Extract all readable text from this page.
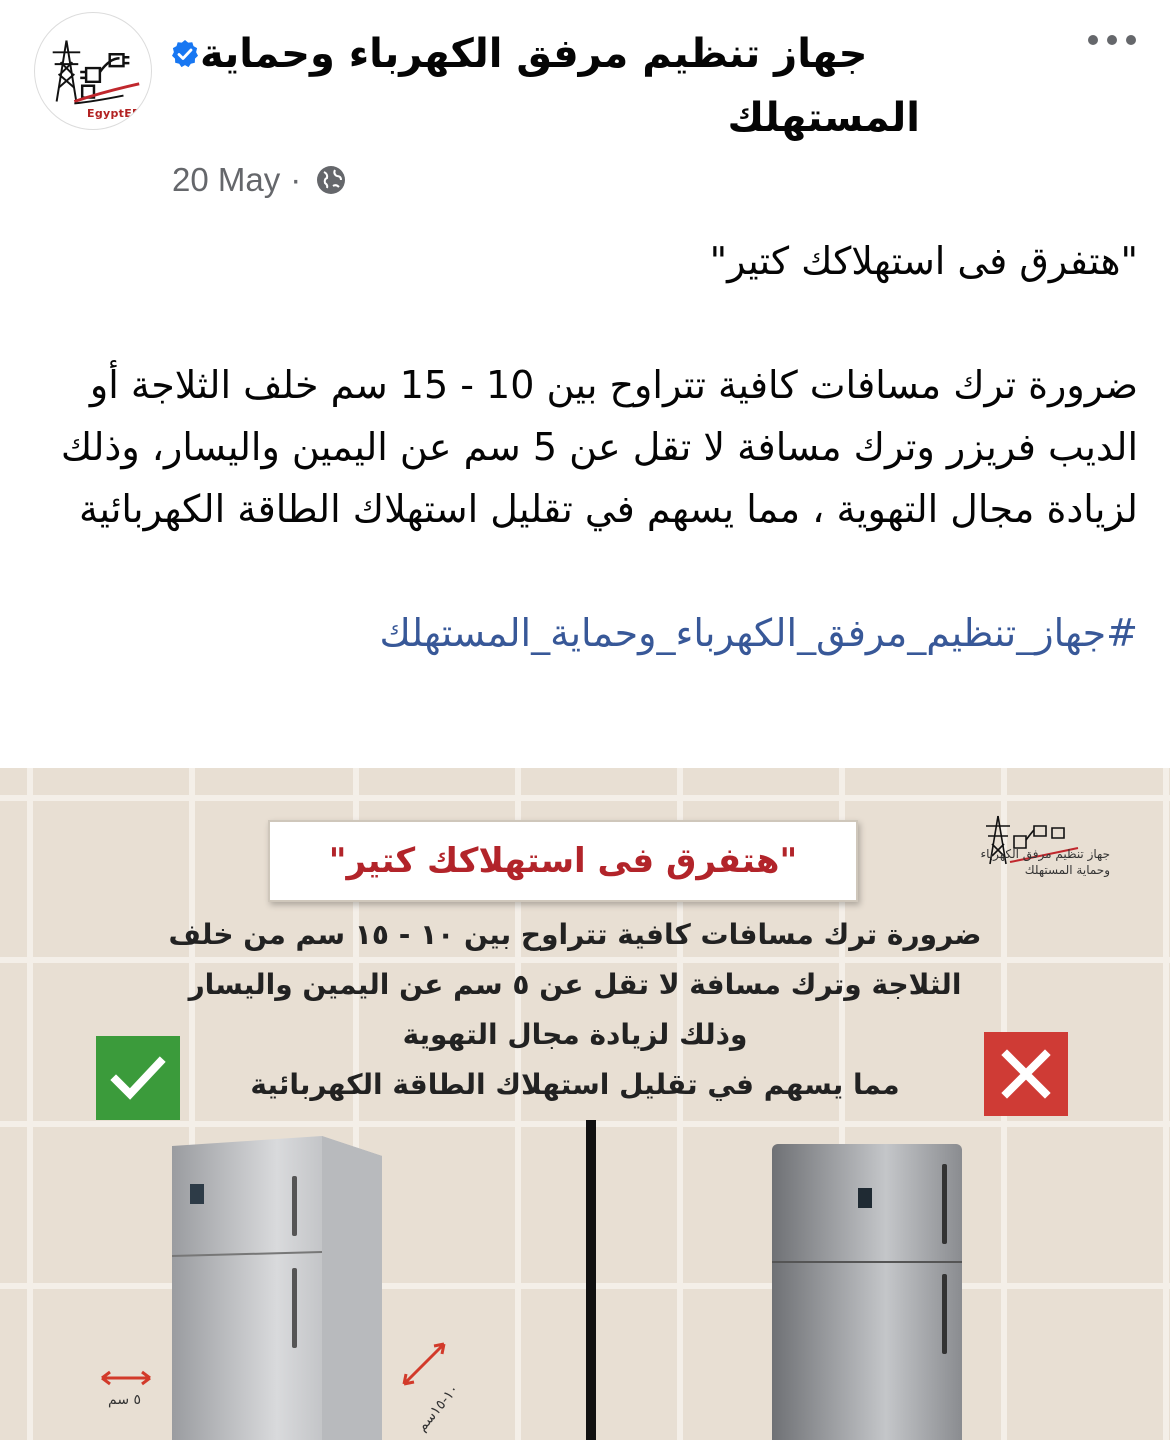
EgyptERA
جهاز تنظيم مرفق الكهرباء وحماية
المستهلك
20 May ·

"هتفرق فى استهلاكك كتير"

ضرورة ترك مسافات كافية تتراوح بين 10 - 15 سم خلف الثلاجة أو الديب فريزر وترك مسافة لا تقل عن 5 سم عن اليمين واليسار، وذلك لزيادة مجال التهوية ، مما يسهم في تقليل استهلاك الطاقة الكهربائية
#جهاز_تنظيم_مرفق_الكهرباء_وحماية_المستهلك
جهاز تنظيم مرفق الكهرباء
وحماية المستهلك
"هتفرق فى استهلاكك كتير"
ضرورة ترك مسافات كافية تتراوح بين ١٠ - ١٥ سم من خلف
الثلاجة وترك مسافة لا تقل عن ٥ سم عن اليمين واليسار
وذلك لزيادة مجال التهوية
مما يسهم في تقليل استهلاك الطاقة الكهربائية
٥ سم
١٠-١٥سم
